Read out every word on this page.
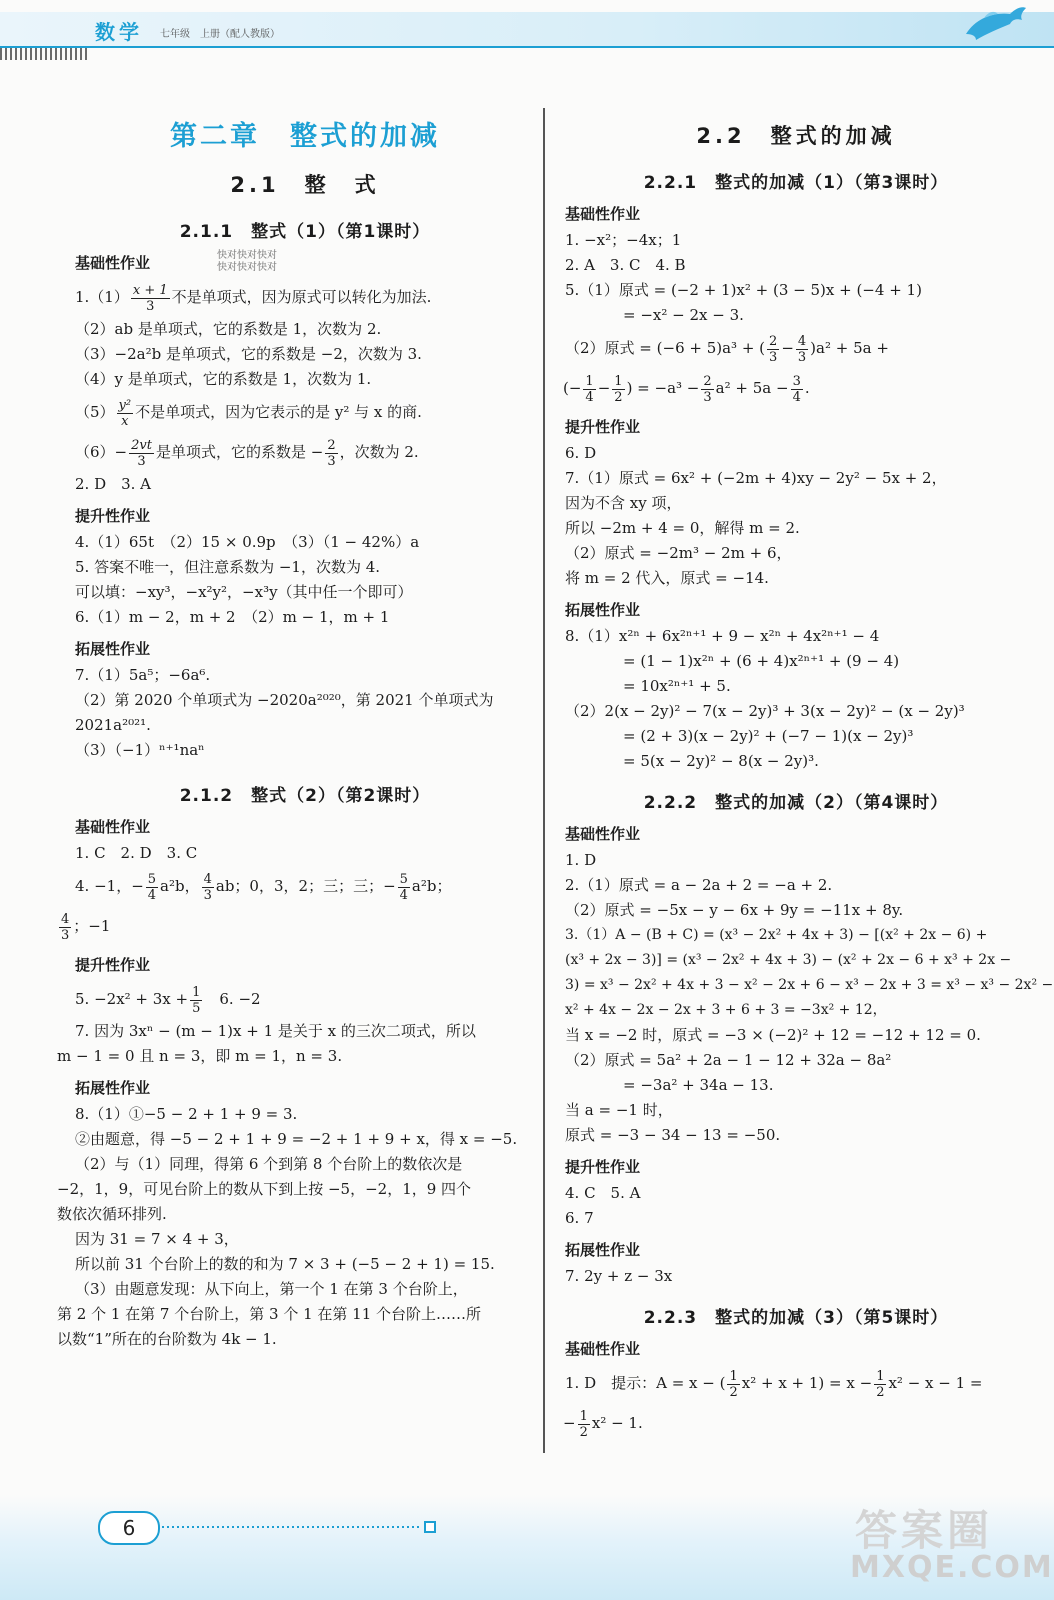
数学 七年级　上册（配人教版）
第二章　整式的加减
2.1　整　式
2.1.1　整式（1）（第1课时）
基础性作业	快对快对快对
快对快对快对
$1.(1) \frac{x + 1}{3}$ 不是单项式，因为原式可以转化为加法.
（2）ab 是单项式，它的系数是 1，次数为 2.
（3）−2a²b 是单项式，它的系数是 −2，次数为 3.
（4）y 是单项式，它的系数是 1，次数为 1.
$(5) \frac{\text{y²}}{x}$ 不是单项式，因为它表示的是 y² 与 x 的商.
$(6)- \frac{2vt}{3}$ 是单项式，它的系数是 − $\frac{2}{3}$ ，次数为 2.
2. D　3. A
提升性作业
4.（1）65t　（2）15 × 0.9p　（3）（1 − 42%）a
5. 答案不唯一，但注意系数为 −1，次数为 4.
可以填：−xy³，−x²y²，−x³y（其中任一个即可）
6.（1）m − 2，m + 2　（2）m − 1，m + 1
拓展性作业
7.（1）5a⁵；−6a⁶.
（2）第 2020 个单项式为 −2020a²⁰²⁰，第 2021 个单项式为
2021a²⁰²¹.
（3）（−1）ⁿ⁺¹naⁿ
2.1.2　整式（2）（第2课时）
基础性作业
1. C　2. D　3. C
4. −1，− $\frac{5}{4} a^2b$， $\frac{4}{3}$ ab；0，3，2；三；三；− $\frac{5}{4} a^2b$；
$\frac{4}{3}$ ；−1
提升性作业
5. $-2x^2 + 3x + \frac{1}{5}$ 　6. −2
7. 因为 3xⁿ − (m − 1)x + 1 是关于 x 的三次二项式，所以
m − 1 = 0 且 n = 3，即 m = 1，n = 3.
拓展性作业
8.（1）①−5 − 2 + 1 + 9 = 3.
②由题意，得 −5 − 2 + 1 + 9 = −2 + 1 + 9 + x，得 x = −5.
（2）与（1）同理，得第 6 个到第 8 个台阶上的数依次是
−2，1，9，可见台阶上的数从下到上按 −5，−2，1，9 四个
数依次循环排列.
因为 31 = 7 × 4 + 3，
所以前 31 个台阶上的数的和为 7 × 3 + (−5 − 2 + 1) = 15.
（3）由题意发现：从下向上，第一个 1 在第 3 个台阶上，
第 2 个 1 在第 7 个台阶上，第 3 个 1 在第 11 个台阶上……所
以数“1”所在的台阶数为 4k − 1.
2.2　整式的加减
2.2.1　整式的加减（1）（第3课时）
基础性作业
1. −x²；−4x；1
2. A　3. C　4. B
5.（1）原式 = (−2 + 1)x² + (3 − 5)x + (−4 + 1)
= −x² − 2x − 3.
（2）原式 = (−6 + 5)a³ + ( $\frac{2}{3} - \frac{4}{3} )a^2 + 5a$ +
(− $\frac{1}{4} - \frac{1}{2}$ ) = $-a^3 - \frac{2}{3} a^2 + 5a - \frac{3}{4}$ .
提升性作业
6. D
7.（1）原式 = 6x² + (−2m + 4)xy − 2y² − 5x + 2，
因为不含 xy 项，
所以 −2m + 4 = 0，解得 m = 2.
（2）原式 = −2m³ − 2m + 6，
将 m = 2 代入，原式 = −14.
拓展性作业
8.（1）x²ⁿ + 6x²ⁿ⁺¹ + 9 − x²ⁿ + 4x²ⁿ⁺¹ − 4
= (1 − 1)x²ⁿ + (6 + 4)x²ⁿ⁺¹ + (9 − 4)
= 10x²ⁿ⁺¹ + 5.
（2）2(x − 2y)² − 7(x − 2y)³ + 3(x − 2y)² − (x − 2y)³
= (2 + 3)(x − 2y)² + (−7 − 1)(x − 2y)³
= 5(x − 2y)² − 8(x − 2y)³.
2.2.2　整式的加减（2）（第4课时）
基础性作业
1. D
2.（1）原式 = a − 2a + 2 = −a + 2.
（2）原式 = −5x − y − 6x + 9y = −11x + 8y.
3.（1）A − (B + C) = (x³ − 2x² + 4x + 3) − [(x² + 2x − 6) +
(x³ + 2x − 3)] = (x³ − 2x² + 4x + 3) − (x² + 2x − 6 + x³ + 2x −
3) = x³ − 2x² + 4x + 3 − x² − 2x + 6 − x³ − 2x + 3 = x³ − x³ − 2x² −
x² + 4x − 2x − 2x + 3 + 6 + 3 = −3x² + 12，
当 x = −2 时，原式 = −3 × (−2)² + 12 = −12 + 12 = 0.
（2）原式 = 5a² + 2a − 1 − 12 + 32a − 8a²
= −3a² + 34a − 13.
当 a = −1 时，
原式 = −3 − 34 − 13 = −50.
提升性作业
4. C　5. A
6. 7
拓展性作业
7. 2y + z − 3x
2.2.3　整式的加减（3）（第5课时）
基础性作业
1. D　提示：A = x − ( $\frac{1}{2} x^2 + x + 1) = x - \frac{1}{2} x^2 - x - 1$ =
− $\frac{1}{2} x^2 - 1$.
6	答案圈
MXQE.COM
